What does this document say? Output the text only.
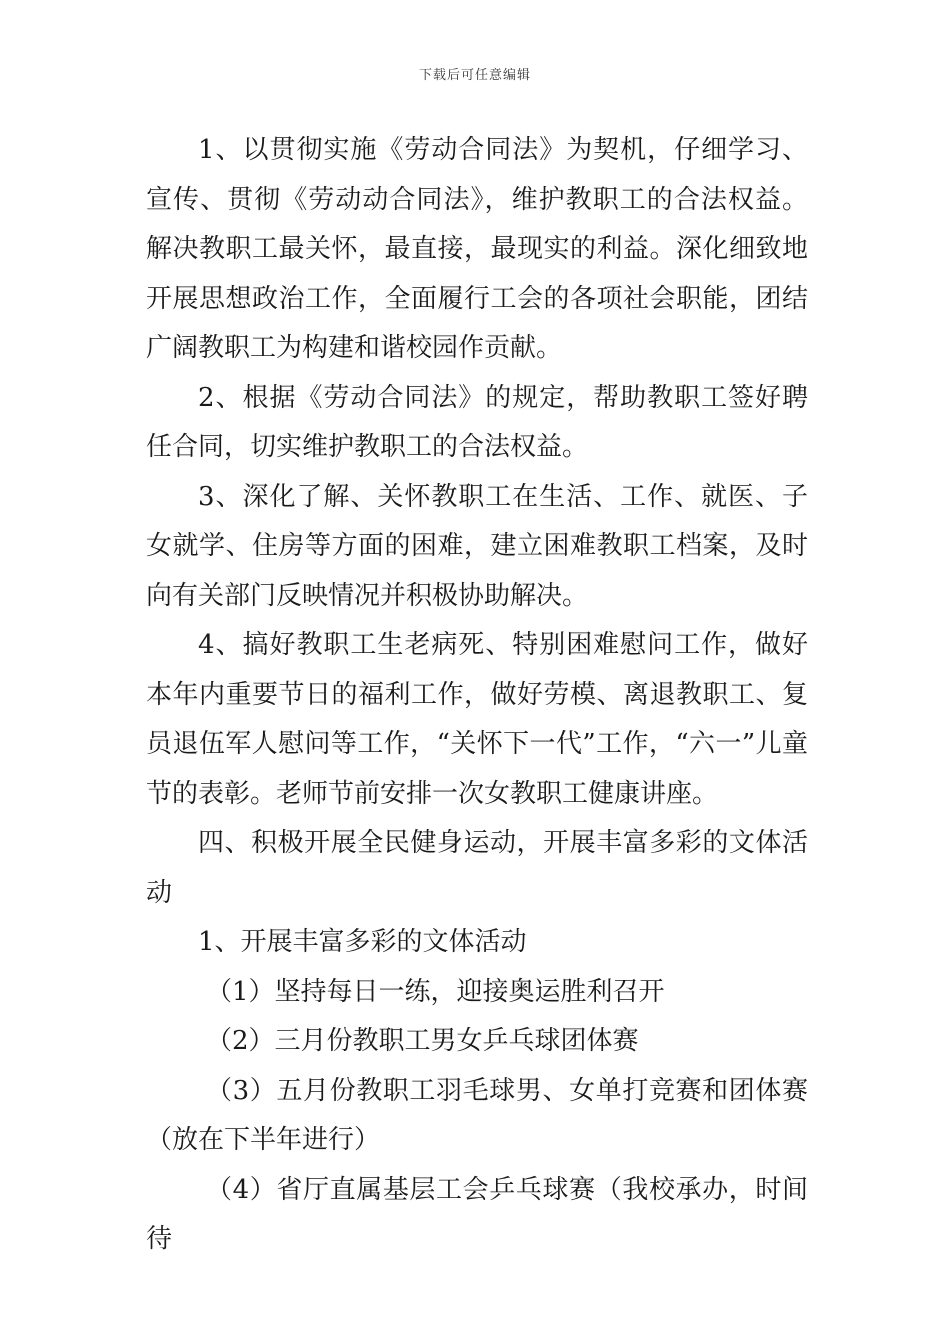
下载后可任意编辑

1、以贯彻实施《劳动合同法》为契机，仔细学习、宣传、贯彻《劳动动合同法》，维护教职工的合法权益。解决教职工最关怀，最直接，最现实的利益。深化细致地开展思想政治工作，全面履行工会的各项社会职能，团结广阔教职工为构建和谐校园作贡献。

2、根据《劳动合同法》的规定，帮助教职工签好聘任合同，切实维护教职工的合法权益。

3、深化了解、关怀教职工在生活、工作、就医、子女就学、住房等方面的困难，建立困难教职工档案，及时向有关部门反映情况并积极协助解决。

4、搞好教职工生老病死、特别困难慰问工作，做好本年内重要节日的福利工作，做好劳模、离退教职工、复员退伍军人慰问等工作，“关怀下一代”工作，“六一”儿童节的表彰。老师节前安排一次女教职工健康讲座。

四、积极开展全民健身运动，开展丰富多彩的文体活动

1、开展丰富多彩的文体活动

（1）坚持每日一练，迎接奥运胜利召开

（2）三月份教职工男女乒乓球团体赛

（3）五月份教职工羽毛球男、女单打竞赛和团体赛（放在下半年进行）

（4）省厅直属基层工会乒乓球赛（我校承办，时间待
